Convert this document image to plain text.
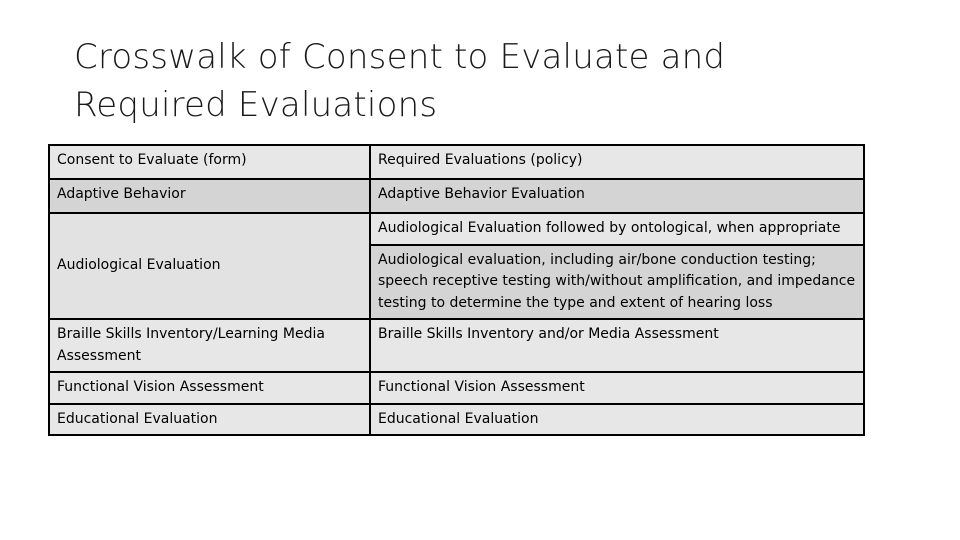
Crosswalk of Consent to Evaluate and
Required Evaluations
Consent to Evaluate (form)	Required Evaluations (policy)
Adaptive Behavior	Adaptive Behavior Evaluation
Audiological Evaluation	Audiological Evaluation followed by ontological, when appropriate
	Audiological evaluation, including air/bone conduction testing; speech receptive testing with/without amplification, and impedance testing to determine the type and extent of hearing loss
Braille Skills Inventory/Learning Media Assessment	Braille Skills Inventory and/or Media Assessment
Functional Vision Assessment	Functional Vision Assessment
Educational Evaluation	Educational Evaluation
